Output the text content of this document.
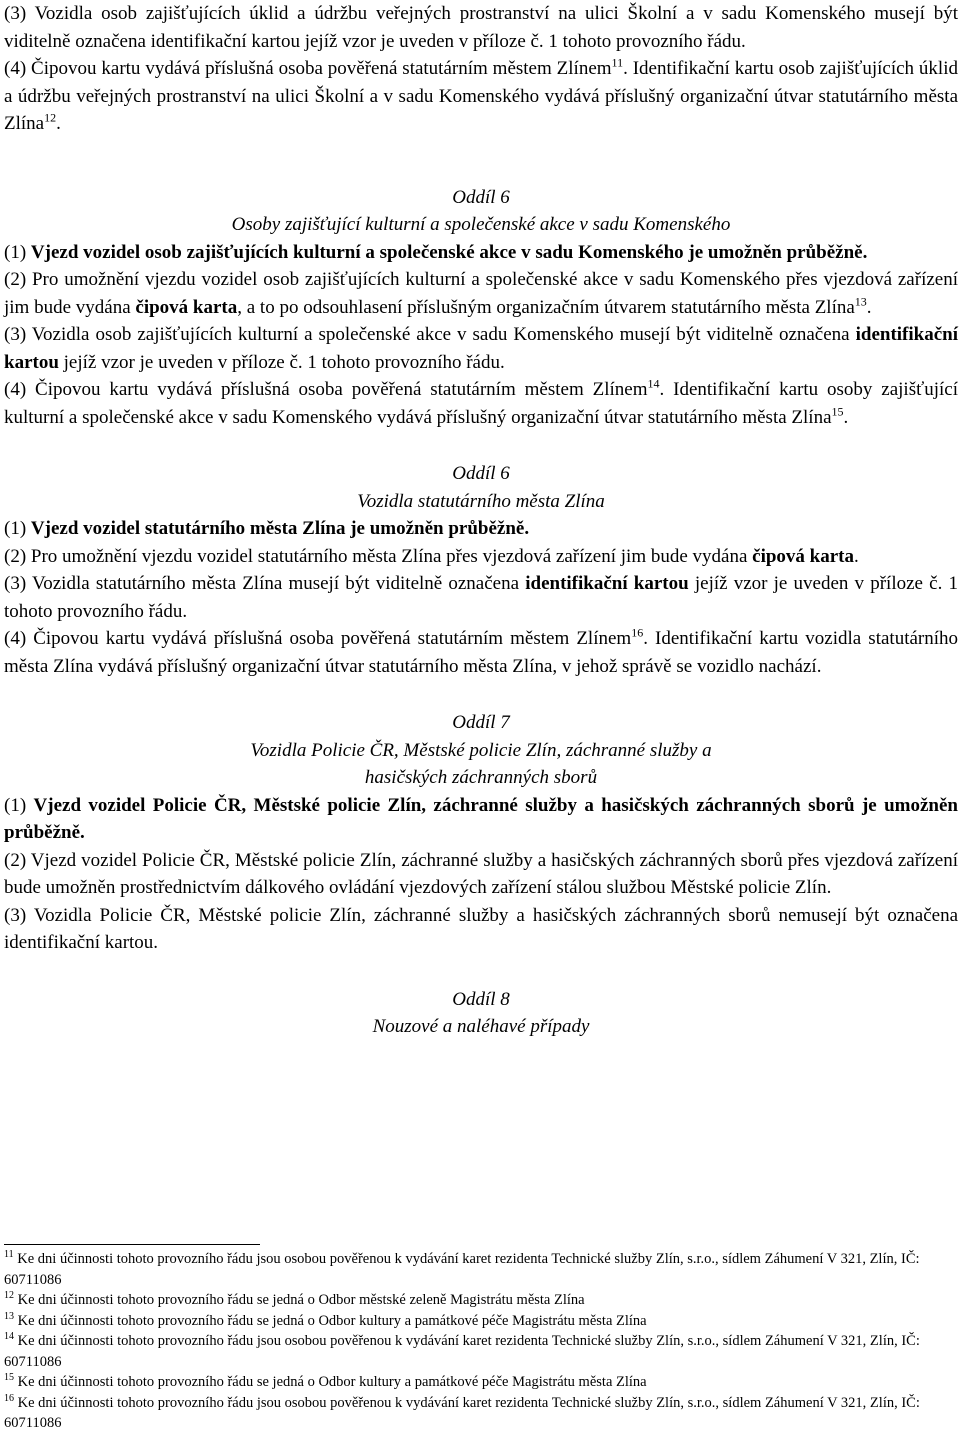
(3) Vozidla osob zajišťujících úklid a údržbu veřejných prostranství na ulici Školní a v sadu Komenského musejí být viditelně označena identifikační kartou jejíž vzor je uveden v příloze č. 1 tohoto provozního řádu.

(4) Čipovou kartu vydává příslušná osoba pověřená statutárním městem Zlínem$^{11}$. Identifikační kartu osob zajišťujících úklid a údržbu veřejných prostranství na ulici Školní a v sadu Komenského vydává příslušný organizační útvar statutárního města Zlína$^{12}$.

Oddíl 6

Osoby zajišťující kulturní a společenské akce v sadu Komenského

(1) Vjezd vozidel osob zajišťujících kulturní a společenské akce v sadu Komenského je umožněn průběžně.

(2) Pro umožnění vjezdu vozidel osob zajišťujících kulturní a společenské akce v sadu Komenského přes vjezdová zařízení jim bude vydána čipová karta, a to po odsouhlasení příslušným organizačním útvarem statutárního města Zlína$^{13}$.

(3) Vozidla osob zajišťujících kulturní a společenské akce v sadu Komenského musejí být viditelně označena identifikační kartou jejíž vzor je uveden v příloze č. 1 tohoto provozního řádu.

(4) Čipovou kartu vydává příslušná osoba pověřená statutárním městem Zlínem$^{14}$. Identifikační kartu osoby zajišťující kulturní a společenské akce v sadu Komenského vydává příslušný organizační útvar statutárního města Zlína$^{15}$.

Oddíl 6

Vozidla statutárního města Zlína

(1) Vjezd vozidel statutárního města Zlína je umožněn průběžně.

(2) Pro umožnění vjezdu vozidel statutárního města Zlína přes vjezdová zařízení jim bude vydána čipová karta.

(3) Vozidla statutárního města Zlína musejí být viditelně označena identifikační kartou jejíž vzor je uveden v příloze č. 1 tohoto provozního řádu.

(4) Čipovou kartu vydává příslušná osoba pověřená statutárním městem Zlínem$^{16}$. Identifikační kartu vozidla statutárního města Zlína vydává příslušný organizační útvar statutárního města Zlína, v jehož správě se vozidlo nachází.

Oddíl 7

Vozidla Policie ČR, Městské policie Zlín, záchranné služby a

hasičských záchranných sborů

(1) Vjezd vozidel Policie ČR, Městské policie Zlín, záchranné služby a hasičských záchranných sborů je umožněn průběžně.

(2) Vjezd vozidel Policie ČR, Městské policie Zlín, záchranné služby a hasičských záchranných sborů přes vjezdová zařízení bude umožněn prostřednictvím dálkového ovládání vjezdových zařízení stálou službou Městské policie Zlín.

(3) Vozidla Policie ČR, Městské policie Zlín, záchranné služby a hasičských záchranných sborů nemusejí být označena identifikační kartou.

Oddíl 8

Nouzové a naléhavé případy

$^{11}$ Ke dni účinnosti tohoto provozního řádu jsou osobou pověřenou k vydávání karet rezidenta Technické služby Zlín, s.r.o., sídlem Záhumení V 321, Zlín, IČ: 60711086

$^{12}$ Ke dni účinnosti tohoto provozního řádu se jedná o Odbor městské zeleně Magistrátu města Zlína

$^{13}$ Ke dni účinnosti tohoto provozního řádu se jedná o Odbor kultury a památkové péče Magistrátu města Zlína

$^{14}$ Ke dni účinnosti tohoto provozního řádu jsou osobou pověřenou k vydávání karet rezidenta Technické služby Zlín, s.r.o., sídlem Záhumení V 321, Zlín, IČ: 60711086

$^{15}$ Ke dni účinnosti tohoto provozního řádu se jedná o Odbor kultury a památkové péče Magistrátu města Zlína

$^{16}$ Ke dni účinnosti tohoto provozního řádu jsou osobou pověřenou k vydávání karet rezidenta Technické služby Zlín, s.r.o., sídlem Záhumení V 321, Zlín, IČ: 60711086
